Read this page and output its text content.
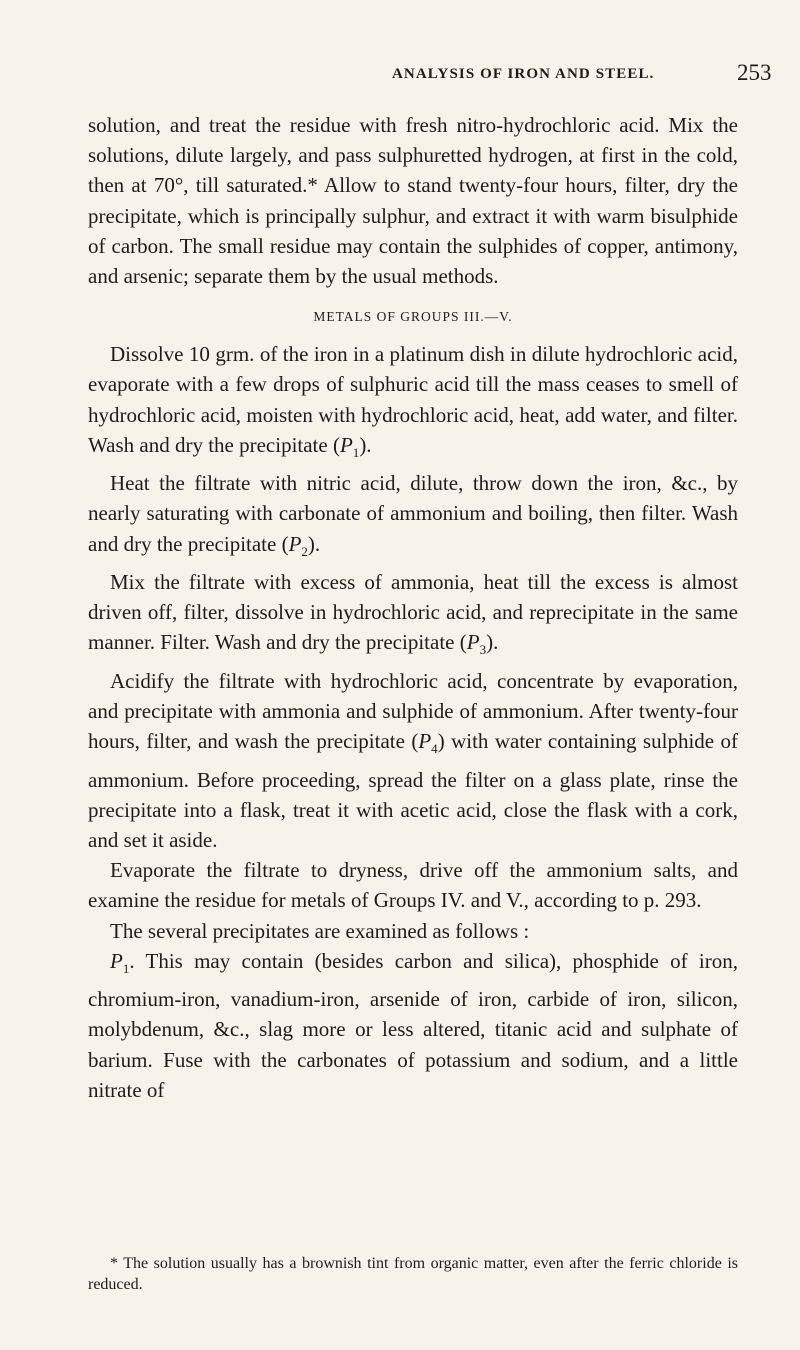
ANALYSIS OF IRON AND STEEL.	253

solution, and treat the residue with fresh nitro-hydrochloric acid. Mix the solutions, dilute largely, and pass sulphuretted hydrogen, at first in the cold, then at 70°, till saturated.* Allow to stand twenty-four hours, filter, dry the precipitate, which is principally sulphur, and extract it with warm bisulphide of carbon. The small residue may contain the sulphides of copper, antimony, and arsenic; separate them by the usual methods.

METALS OF GROUPS III.—V.

Dissolve 10 grm. of the iron in a platinum dish in dilute hydrochloric acid, evaporate with a few drops of sulphuric acid till the mass ceases to smell of hydrochloric acid, moisten with hydrochloric acid, heat, add water, and filter. Wash and dry the precipitate $(P_1)$.

Heat the filtrate with nitric acid, dilute, throw down the iron, &c., by nearly saturating with carbonate of ammonium and boiling, then filter. Wash and dry the precipitate $(P_2)$.

Mix the filtrate with excess of ammonia, heat till the excess is almost driven off, filter, dissolve in hydrochloric acid, and reprecipitate in the same manner. Filter. Wash and dry the precipitate $(P_3)$.

Acidify the filtrate with hydrochloric acid, concentrate by evaporation, and precipitate with ammonia and sulphide of ammonium. After twenty-four hours, filter, and wash the precipitate $(P_4)$ with water containing sulphide of ammonium. Before proceeding, spread the filter on a glass plate, rinse the precipitate into a flask, treat it with acetic acid, close the flask with a cork, and set it aside.

Evaporate the filtrate to dryness, drive off the ammonium salts, and examine the residue for metals of Groups IV. and V., according to p. 293.

The several precipitates are examined as follows :

$P_1$. This may contain (besides carbon and silica), phosphide of iron, chromium-iron, vanadium-iron, arsenide of iron, carbide of iron, silicon, molybdenum, &c., slag more or less altered, titanic acid and sulphate of barium. Fuse with the carbonates of potassium and sodium, and a little nitrate of

* The solution usually has a brownish tint from organic matter, even after the ferric chloride is reduced.
